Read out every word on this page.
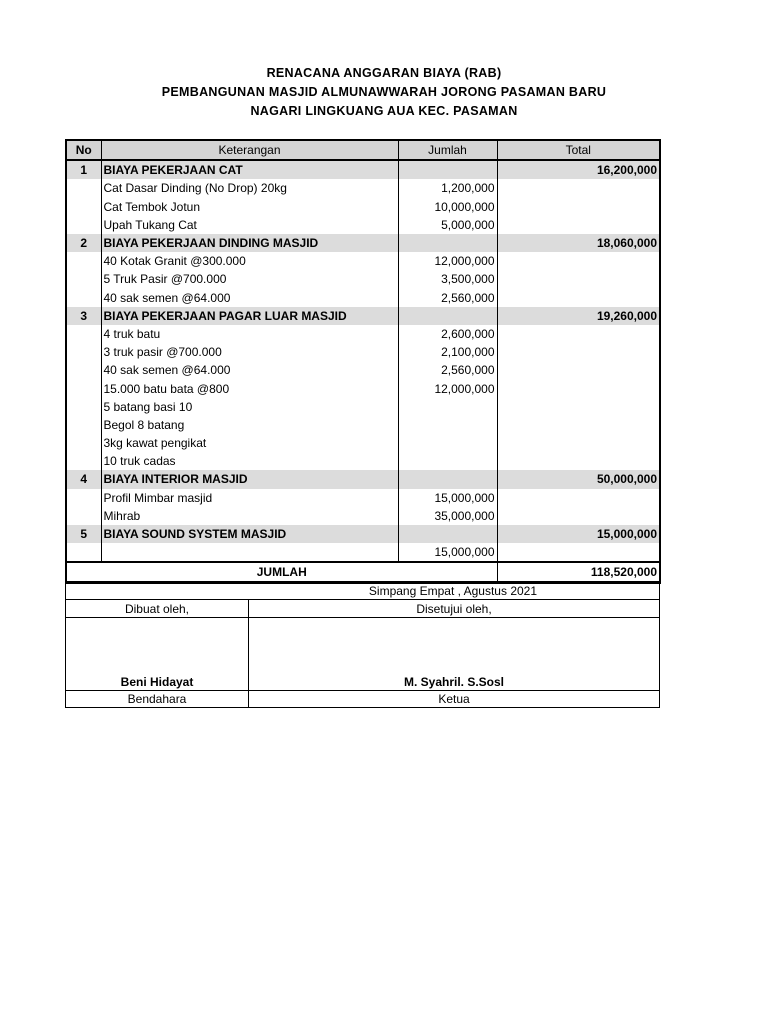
RENACANA ANGGARAN BIAYA (RAB)
PEMBANGUNAN MASJID ALMUNAWWARAH JORONG PASAMAN BARU
NAGARI LINGKUANG AUA KEC. PASAMAN
No	Keterangan	Jumlah	Total
1	BIAYA PEKERJAAN CAT		16,200,000
	Cat Dasar Dinding (No Drop) 20kg	1,200,000	
	Cat Tembok Jotun	10,000,000	
	Upah Tukang Cat	5,000,000	
2	BIAYA PEKERJAAN DINDING MASJID		18,060,000
	40 Kotak Granit @300.000	12,000,000	
	5 Truk Pasir @700.000	3,500,000	
	40 sak semen @64.000	2,560,000	
3	BIAYA PEKERJAAN PAGAR LUAR MASJID		19,260,000
	4 truk batu	2,600,000	
	3 truk pasir @700.000	2,100,000	
	40 sak semen @64.000	2,560,000	
	15.000 batu bata @800	12,000,000	
	5 batang basi 10		
	Begol 8 batang		
	3kg kawat pengikat		
	10 truk cadas		
4	BIAYA INTERIOR MASJID		50,000,000
	Profil Mimbar masjid	15,000,000	
	Mihrab	35,000,000	
5	BIAYA SOUND SYSTEM MASJID		15,000,000
		15,000,000	
JUMLAH			118,520,000
Simpang Empat , Agustus 2021	
Dibuat oleh,	Disetujui oleh,
Beni Hidayat	M. Syahril. S.Sosl
Bendahara	Ketua
